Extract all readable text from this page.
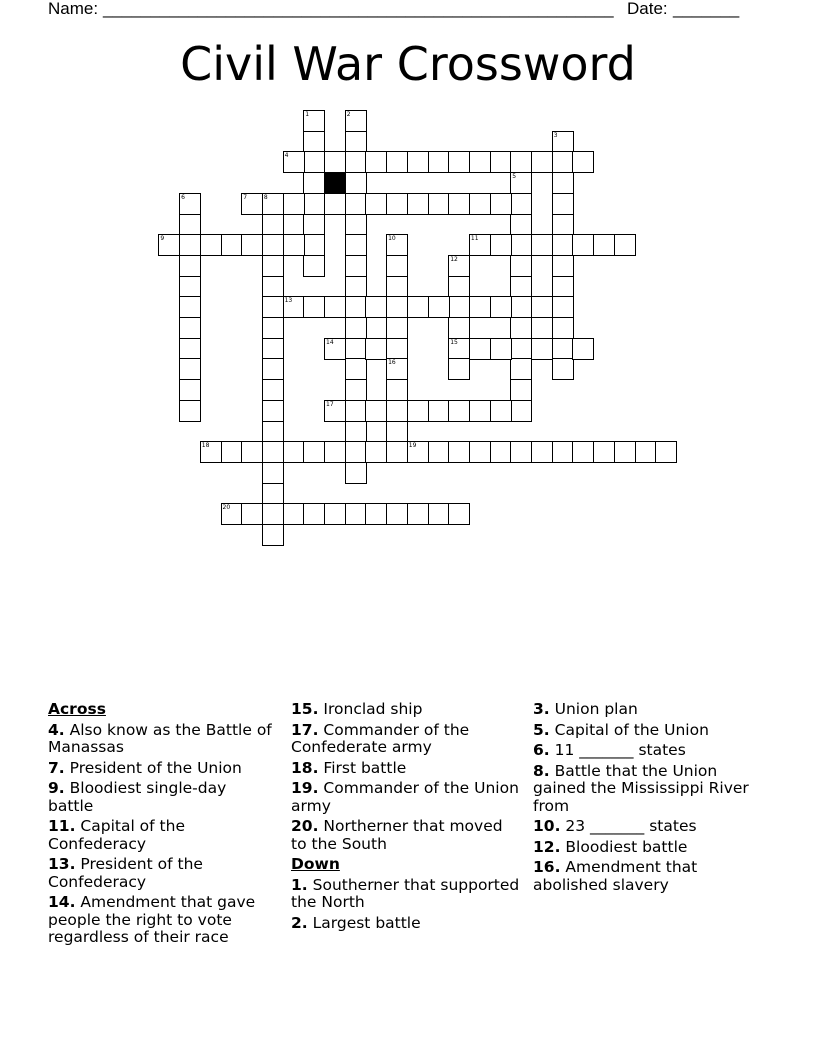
Name: ______________________________________________________ Date: _______
Civil War Crossword
1	2
3
4
5
6	7	8
9	10	11
12
15
13
14
16
17
18	19
20
Across
4. Also know as the Battle of Manassas
7. President of the Union
9. Bloodiest single-day battle
11. Capital of the Confederacy
13. President of the Confederacy
14. Amendment that gave people the right to vote regardless of their race
15. Ironclad ship
17. Commander of the Confederate army
18. First battle
19. Commander of the Union army
20. Northerner that moved to the South
Down
1. Southerner that supported the North
2. Largest battle
3. Union plan
5. Capital of the Union
6. 11 _______ states
8. Battle that the Union gained the Mississippi River from
10. 23 _______ states
12. Bloodiest battle
16. Amendment that abolished slavery
